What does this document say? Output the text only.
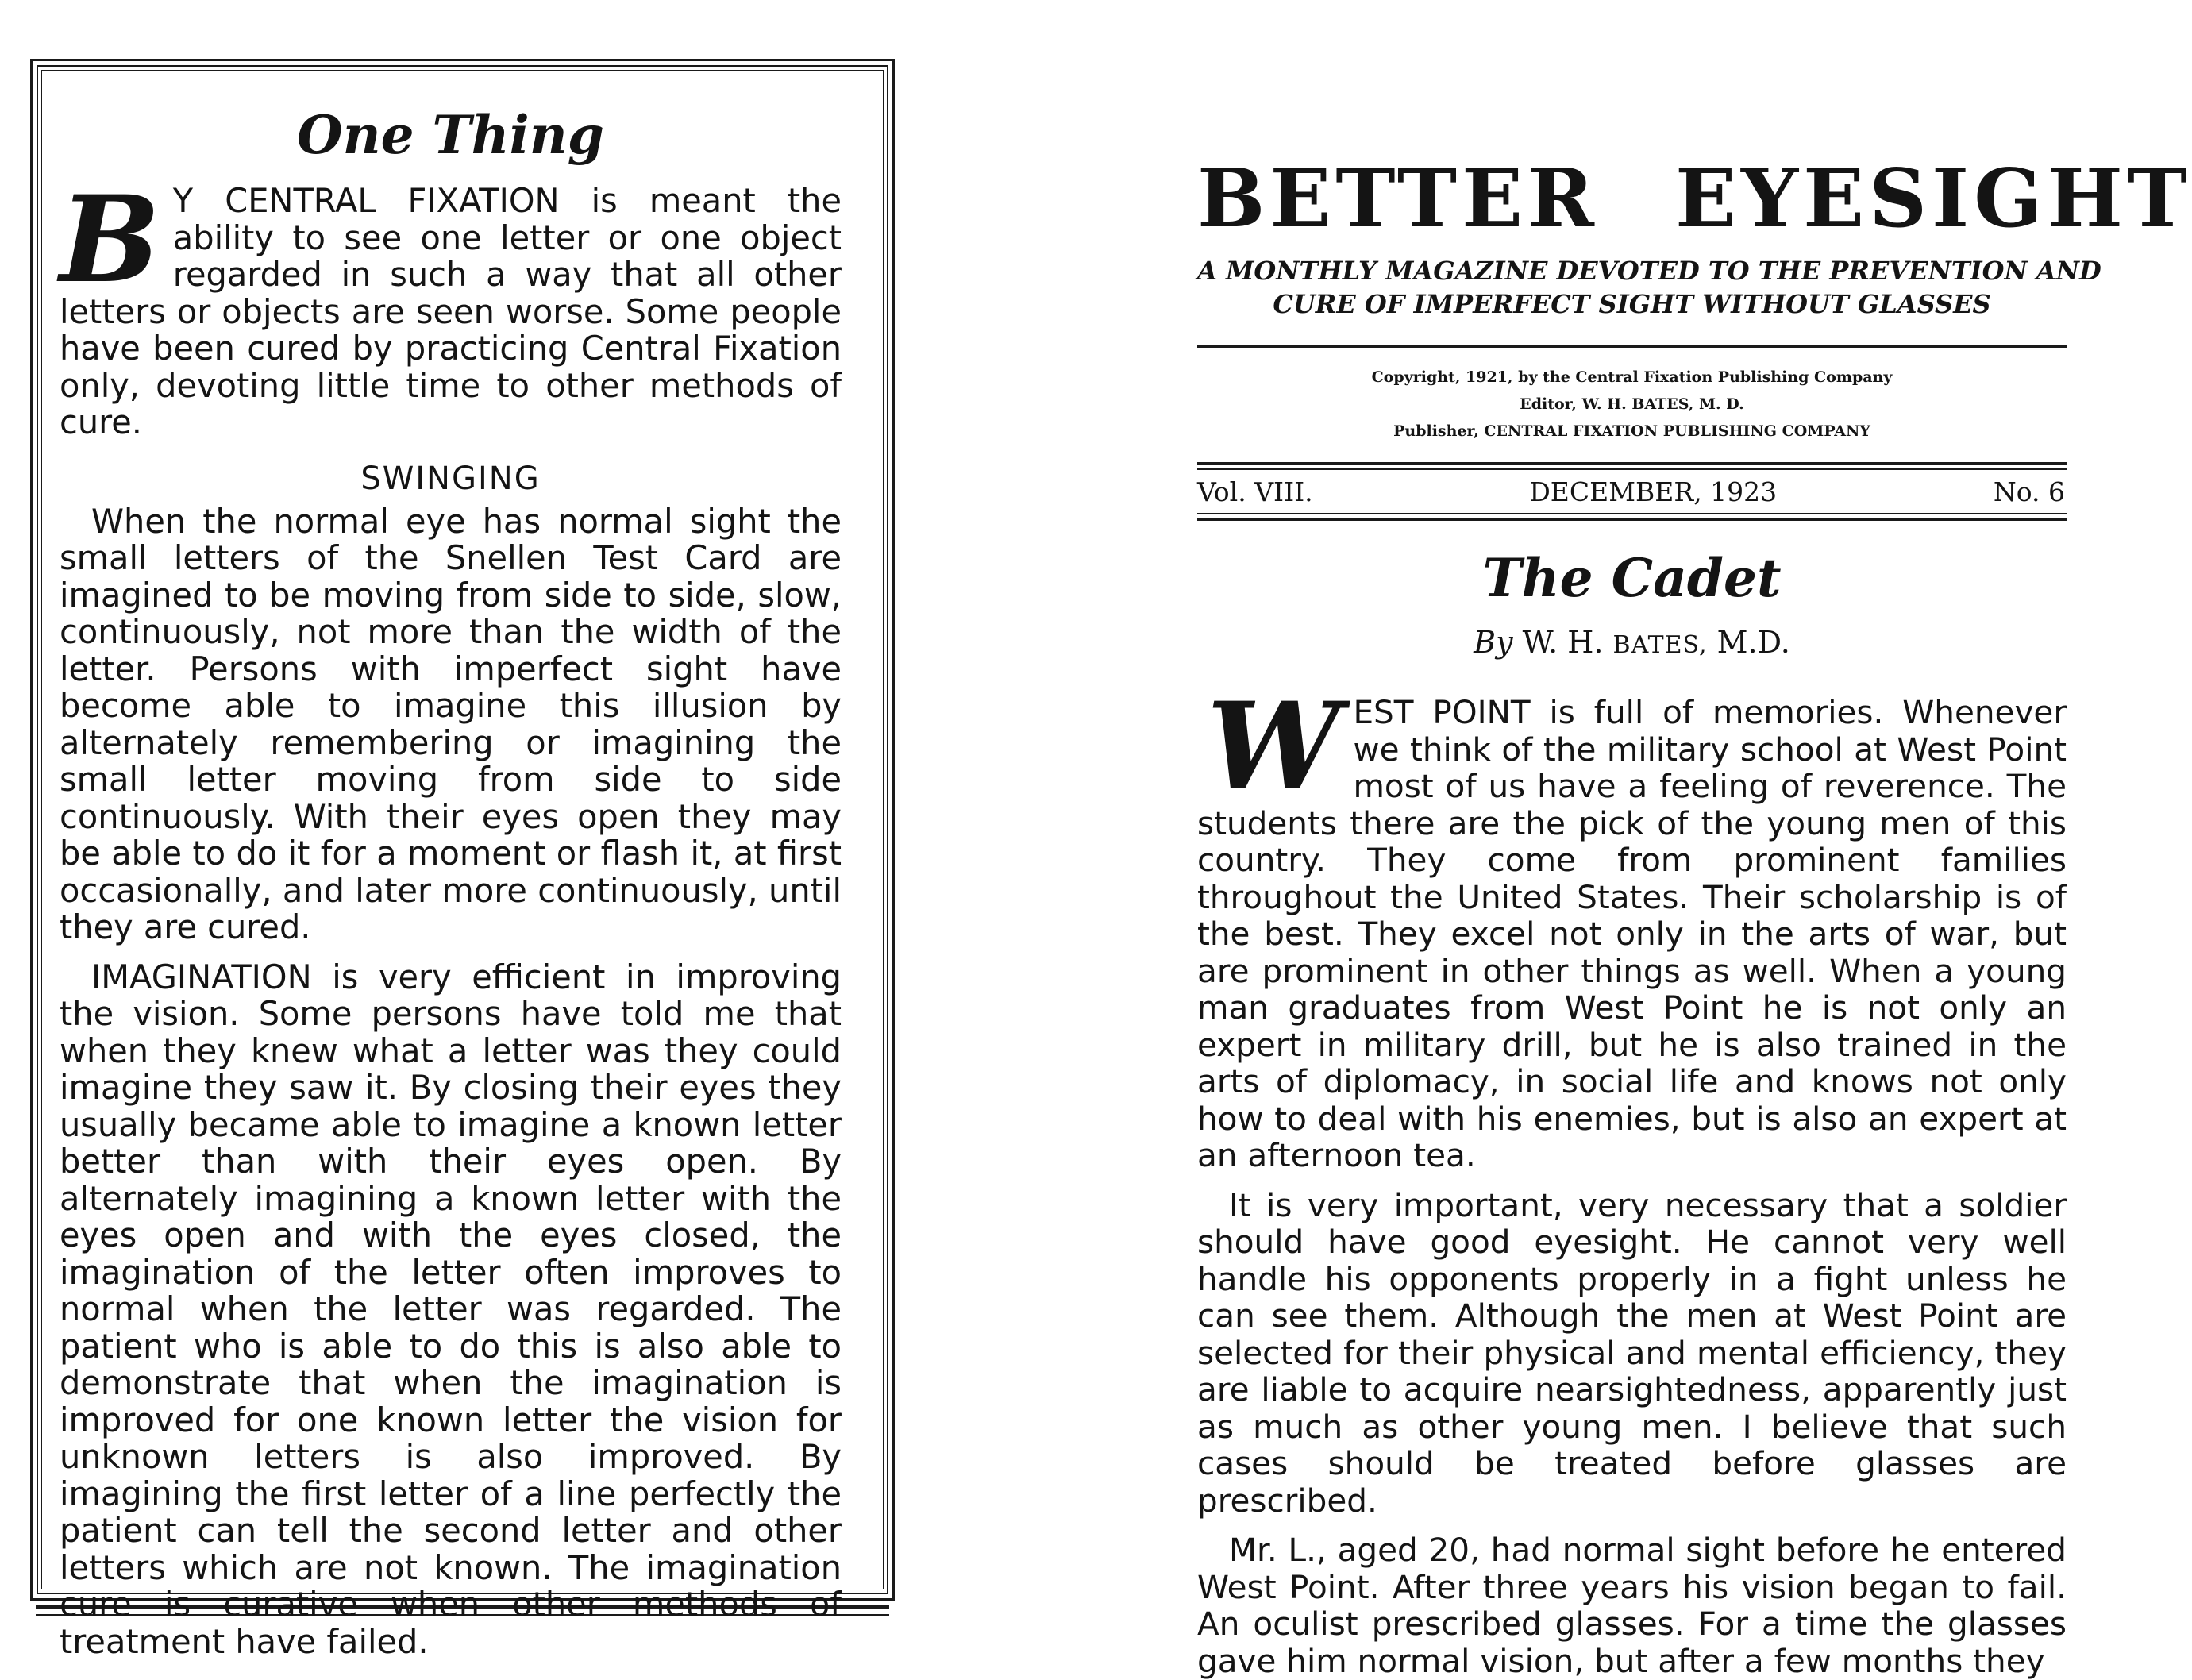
One Thing
B Y CENTRAL FIXATION is meant the ability to see one letter or one object regarded in such a way that all other letters or objects are seen worse. Some people have been cured by practicing Central Fixation only, devoting little time to other methods of cure.

SWINGING

When the normal eye has normal sight the small letters of the Snellen Test Card are imagined to be moving from side to side, slow, continuously, not more than the width of the letter. Persons with imperfect sight have become able to imagine this illusion by alternately remembering or imagining the small letter moving from side to side continuously. With their eyes open they may be able to do it for a moment or flash it, at first occasionally, and later more continuously, until they are cured.

IMAGINATION is very efficient in improving the vision. Some persons have told me that when they knew what a letter was they could imagine they saw it. By closing their eyes they usually became able to imagine a known letter better than with their eyes open. By alternately imagining a known letter with the eyes open and with the eyes closed, the imagination of the letter often improves to normal when the letter was regarded. The patient who is able to do this is also able to demonstrate that when the imagination is improved for one known letter the vision for unknown letters is also improved. By imagining the first letter of a line perfectly the patient can tell the second letter and other letters which are not known. The imagination cure is curative when other methods of treatment have failed.

BETTER EYESIGHT
A MONTHLY MAGAZINE DEVOTED TO THE PREVENTION AND
CURE OF IMPERFECT SIGHT WITHOUT GLASSES
Copyright, 1921, by the Central Fixation Publishing Company
Editor, W. H. BATES, M. D.
Publisher, CENTRAL FIXATION PUBLISHING COMPANY
Vol. VIII.	DECEMBER, 1923	No. 6
The Cadet
By W. H. BATES, M.D.
W EST POINT is full of memories. Whenever we think of the military school at West Point most of us have a feeling of reverence. The students there are the pick of the young men of this country. They come from prominent families throughout the United States. Their scholarship is of the best. They excel not only in the arts of war, but are prominent in other things as well. When a young man graduates from West Point he is not only an expert in military drill, but he is also trained in the arts of diplomacy, in social life and knows not only how to deal with his enemies, but is also an expert at an afternoon tea.

It is very important, very necessary that a soldier should have good eyesight. He cannot very well handle his opponents properly in a fight unless he can see them. Although the men at West Point are selected for their physical and mental efficiency, they are liable to acquire nearsightedness, apparently just as much as other young men. I believe that such cases should be treated before glasses are prescribed.

Mr. L., aged 20, had normal sight before he entered West Point. After three years his vision began to fail. An oculist prescribed glasses. For a time the glasses gave him normal vision, but after a few months they
